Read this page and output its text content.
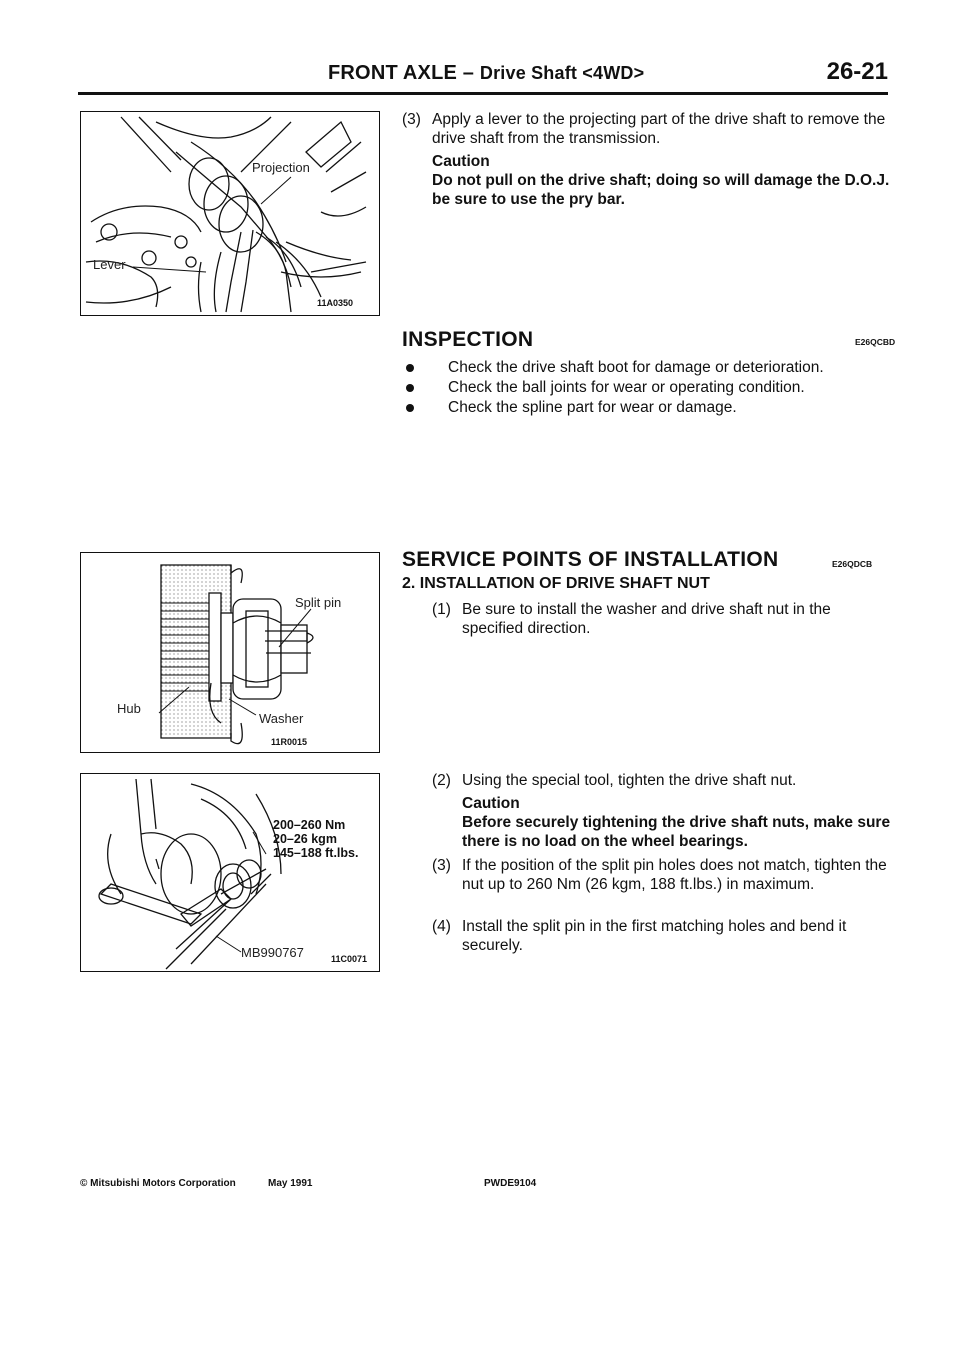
FRONT AXLE – Drive Shaft <4WD>	26-21
Projection
Lever
11A0350
Split pin
Hub
Washer
11R0015
200–260 Nm
20–26 kgm
145–188 ft.lbs.
MB990767	11C0071
(3) Apply a lever to the projecting part of the drive shaft to remove the drive shaft from the transmission.
Caution
Do not pull on the drive shaft; doing so will damage the D.O.J. be sure to use the pry bar.
INSPECTION	E26QCBD
Check the drive shaft boot for damage or deterioration.
Check the ball joints for wear or operating condition.
Check the spline part for wear or damage.
SERVICE POINTS OF INSTALLATION	E26QDCB
2. INSTALLATION OF DRIVE SHAFT NUT
(1) Be sure to install the washer and drive shaft nut in the specified direction.
(2) Using the special tool, tighten the drive shaft nut.
Caution
Before securely tightening the drive shaft nuts, make sure there is no load on the wheel bearings.
(3) If the position of the split pin holes does not match, tighten the nut up to 260 Nm (26 kgm, 188 ft.lbs.) in maximum.
(4) Install the split pin in the first matching holes and bend it securely.
© Mitsubishi Motors Corporation	May 1991	PWDE9104
